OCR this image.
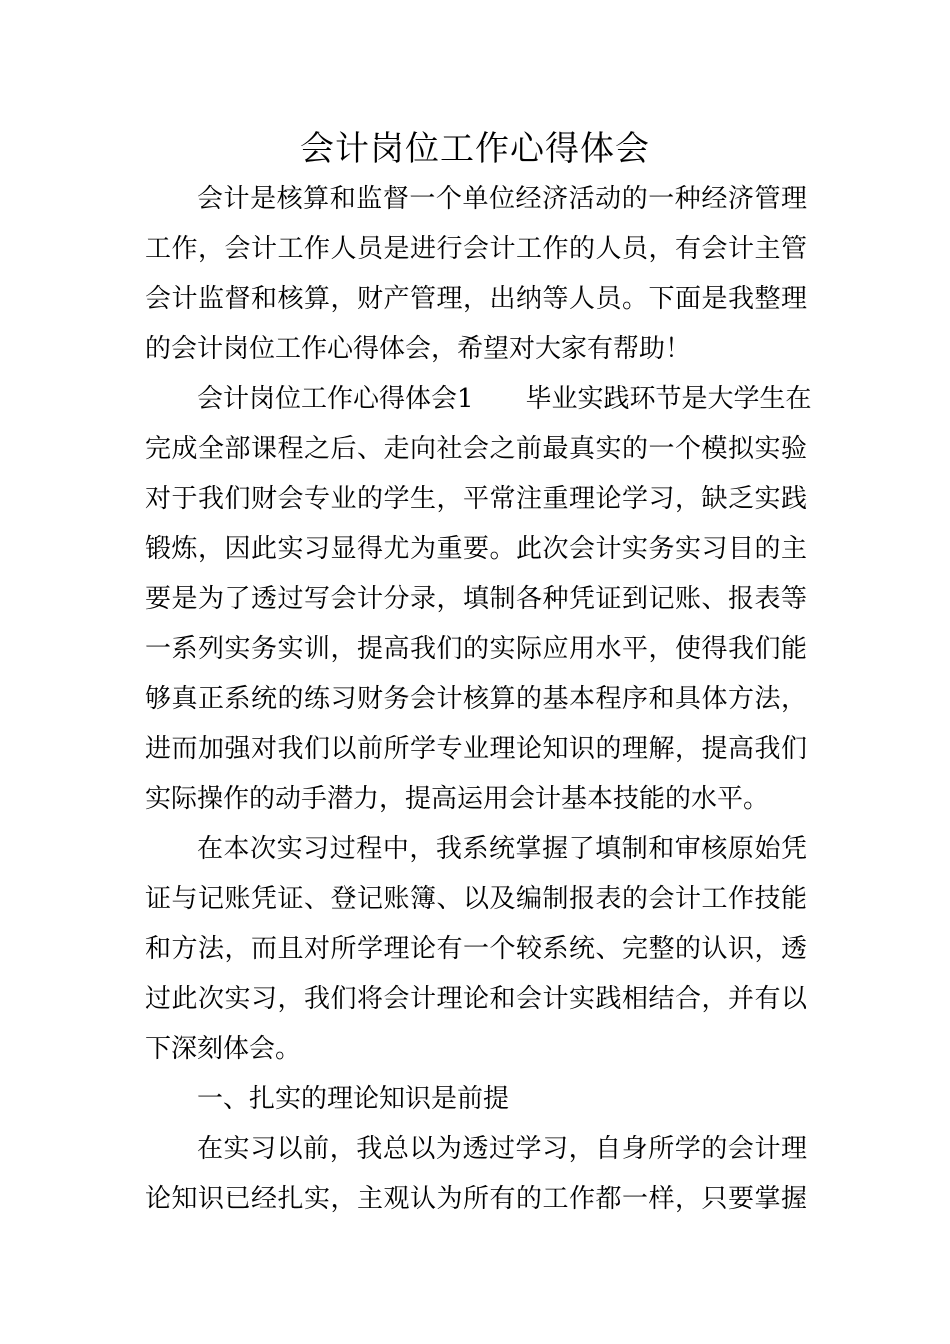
会计岗位工作心得体会
会计是核算和监督一个单位经济活动的一种经济管理
工作，会计工作人员是进行会计工作的人员，有会计主管
会计监督和核算，财产管理，出纳等人员。下面是我整理
的会计岗位工作心得体会，希望对大家有帮助！
会计岗位工作心得体会1　　毕业实践环节是大学生在
完成全部课程之后、走向社会之前最真实的一个模拟实验
对于我们财会专业的学生，平常注重理论学习，缺乏实践
锻炼，因此实习显得尤为重要。此次会计实务实习目的主
要是为了透过写会计分录，填制各种凭证到记账、报表等
一系列实务实训，提高我们的实际应用水平，使得我们能
够真正系统的练习财务会计核算的基本程序和具体方法，
进而加强对我们以前所学专业理论知识的理解，提高我们
实际操作的动手潜力，提高运用会计基本技能的水平。
在本次实习过程中，我系统掌握了填制和审核原始凭
证与记账凭证、登记账簿、以及编制报表的会计工作技能
和方法，而且对所学理论有一个较系统、完整的认识，透
过此次实习，我们将会计理论和会计实践相结合，并有以
下深刻体会。
一、扎实的理论知识是前提
在实习以前，我总以为透过学习，自身所学的会计理
论知识已经扎实，主观认为所有的工作都一样，只要掌握
